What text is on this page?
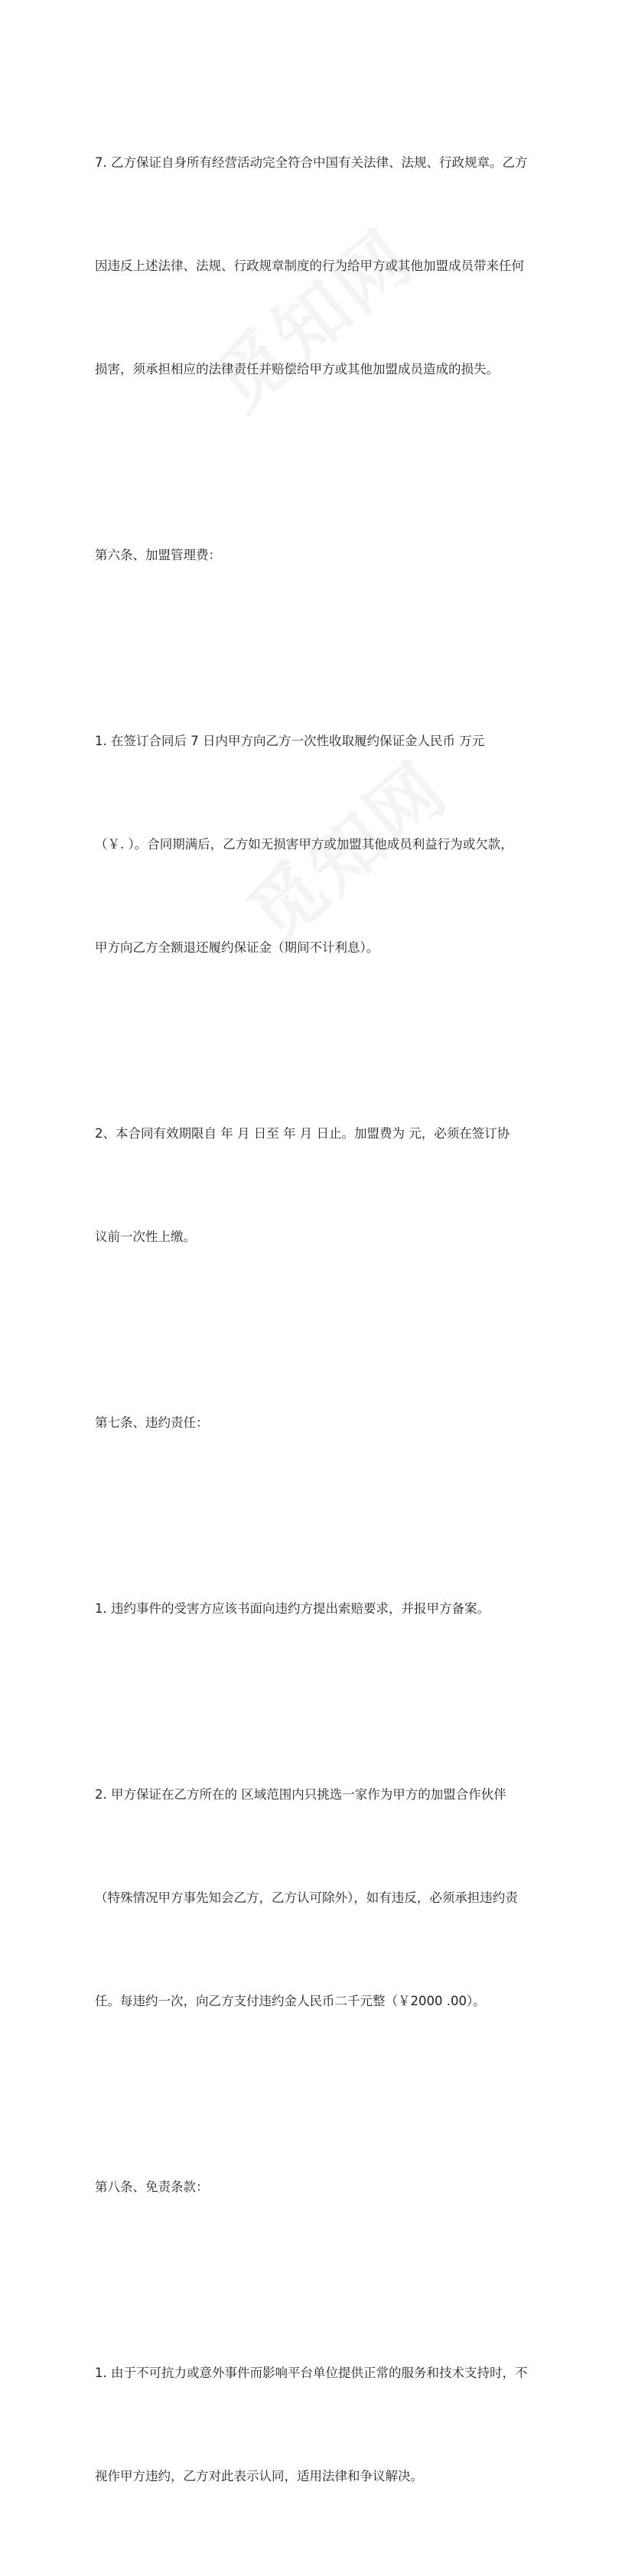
7. 乙方保证自身所有经营活动完全符合中国有关法律、法规、行政规章。乙方

因违反上述法律、法规、行政规章制度的行为给甲方或其他加盟成员带来任何

损害，须承担相应的法律责任并赔偿给甲方或其他加盟成员造成的损失。

第六条、加盟管理费：

1. 在签订合同后 7 日内甲方向乙方一次性收取履约保证金人民币 万元

（￥. ）。合同期满后，乙方如无损害甲方或加盟其他成员利益行为或欠款，

甲方向乙方全额退还履约保证金（期间不计利息）。

2、本合同有效期限自 年 月 日至 年 月 日止。加盟费为 元，必须在签订协

议前一次性上缴。

第七条、违约责任：

1. 违约事件的受害方应该书面向违约方提出索赔要求，并报甲方备案。

2. 甲方保证在乙方所在的 区域范围内只挑选一家作为甲方的加盟合作伙伴

（特殊情况甲方事先知会乙方，乙方认可除外），如有违反，必须承担违约责

任。每违约一次，向乙方支付违约金人民币二千元整（￥2000 .00）。

第八条、免责条款：

1. 由于不可抗力或意外事件而影响平台单位提供正常的服务和技术支持时，不

视作甲方违约，乙方对此表示认同，适用法律和争议解决。
